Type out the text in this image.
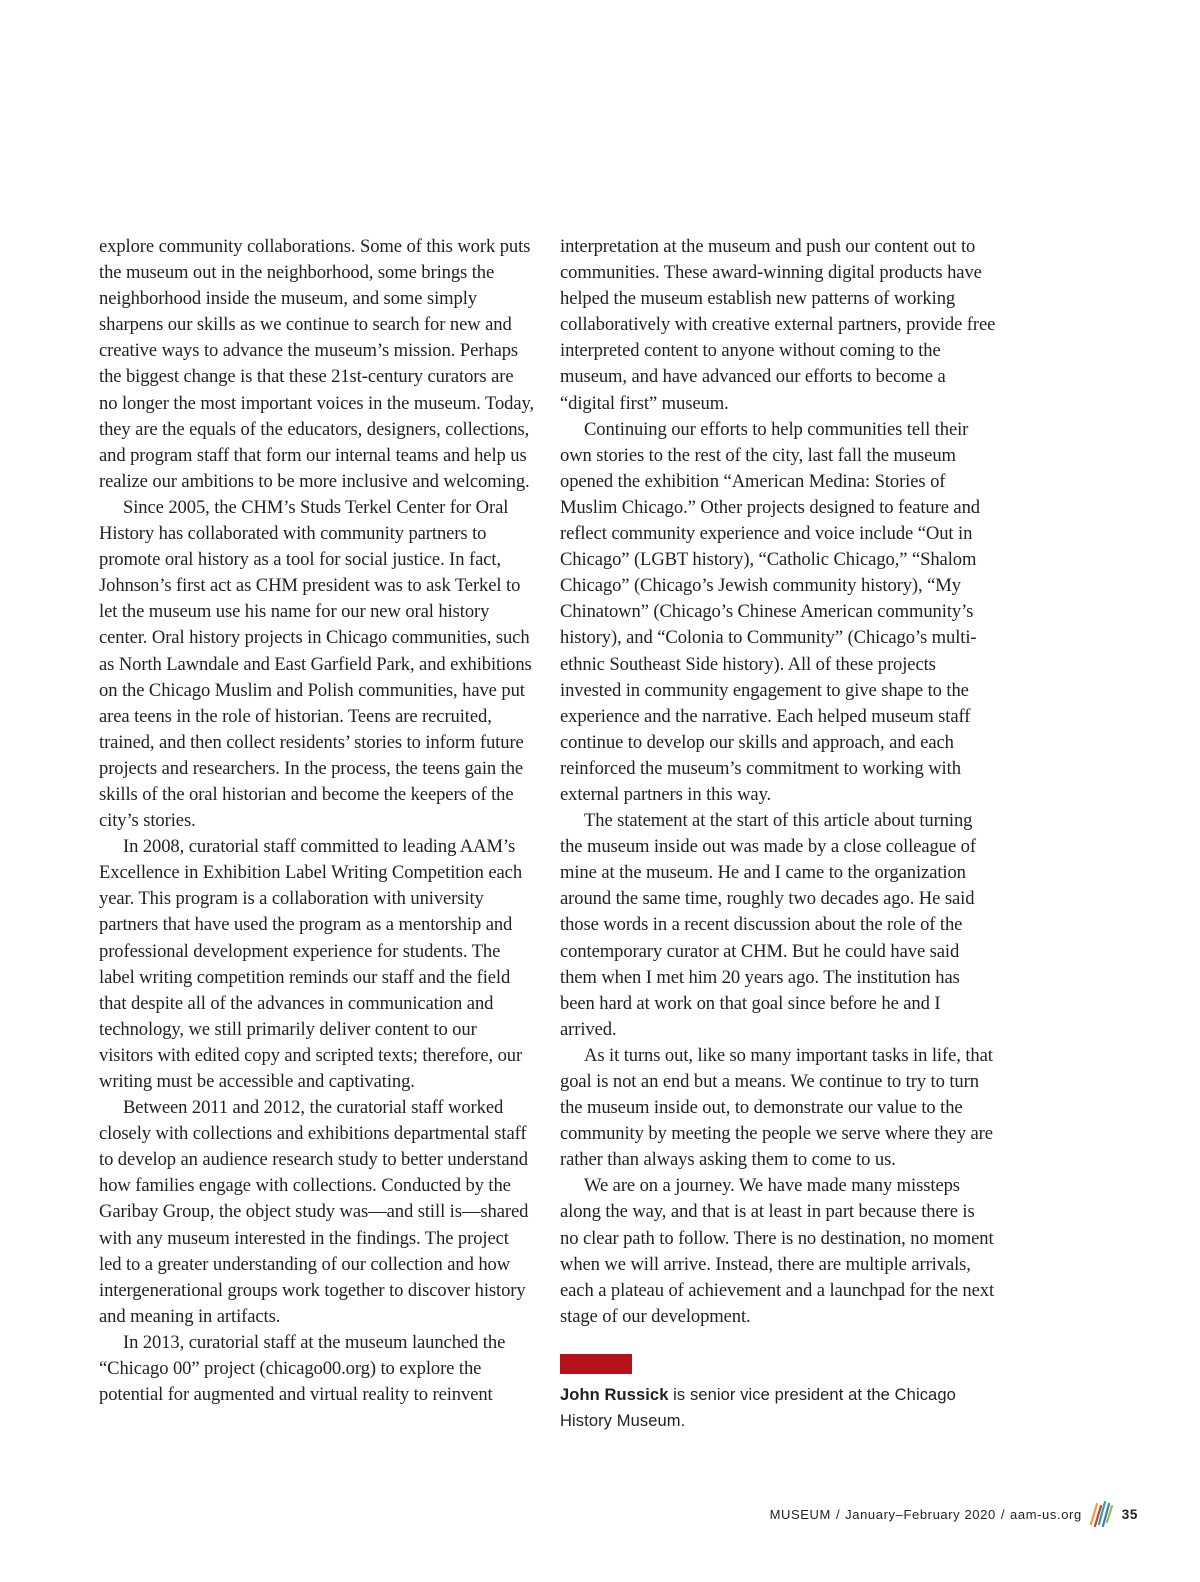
explore community collaborations. Some of this work puts the museum out in the neighborhood, some brings the neighborhood inside the museum, and some simply sharpens our skills as we continue to search for new and creative ways to advance the museum’s mission. Perhaps the biggest change is that these 21st-century curators are no longer the most important voices in the museum. Today, they are the equals of the educators, designers, collections, and program staff that form our internal teams and help us realize our ambitions to be more inclusive and welcoming.

Since 2005, the CHM’s Studs Terkel Center for Oral History has collaborated with community partners to promote oral history as a tool for social justice. In fact, Johnson’s first act as CHM president was to ask Terkel to let the museum use his name for our new oral history center. Oral history projects in Chicago communities, such as North Lawndale and East Garfield Park, and exhibitions on the Chicago Muslim and Polish communities, have put area teens in the role of historian. Teens are recruited, trained, and then collect residents’ stories to inform future projects and researchers. In the process, the teens gain the skills of the oral historian and become the keepers of the city’s stories.

In 2008, curatorial staff committed to leading AAM’s Excellence in Exhibition Label Writing Competition each year. This program is a collaboration with university partners that have used the program as a mentorship and professional development experience for students. The label writing competition reminds our staff and the field that despite all of the advances in communication and technology, we still primarily deliver content to our visitors with edited copy and scripted texts; therefore, our writing must be accessible and captivating.

Between 2011 and 2012, the curatorial staff worked closely with collections and exhibitions departmental staff to develop an audience research study to better understand how families engage with collections. Conducted by the Garibay Group, the object study was—and still is—shared with any museum interested in the findings. The project led to a greater understanding of our collection and how intergenerational groups work together to discover history and meaning in artifacts.

In 2013, curatorial staff at the museum launched the “Chicago 00” project (chicago00.org) to explore the potential for augmented and virtual reality to reinvent

interpretation at the museum and push our content out to communities. These award-winning digital products have helped the museum establish new patterns of working collaboratively with creative external partners, provide free interpreted content to anyone without coming to the museum, and have advanced our efforts to become a “digital first” museum.

Continuing our efforts to help communities tell their own stories to the rest of the city, last fall the museum opened the exhibition “American Medina: Stories of Muslim Chicago.” Other projects designed to feature and reflect community experience and voice include “Out in Chicago” (LGBT history), “Catholic Chicago,” “Shalom Chicago” (Chicago’s Jewish community history), “My Chinatown” (Chicago’s Chinese American community’s history), and “Colonia to Community” (Chicago’s multi-ethnic Southeast Side history). All of these projects invested in community engagement to give shape to the experience and the narrative. Each helped museum staff continue to develop our skills and approach, and each reinforced the museum’s commitment to working with external partners in this way.

The statement at the start of this article about turning the museum inside out was made by a close colleague of mine at the museum. He and I came to the organization around the same time, roughly two decades ago. He said those words in a recent discussion about the role of the contemporary curator at CHM. But he could have said them when I met him 20 years ago. The institution has been hard at work on that goal since before he and I arrived.

As it turns out, like so many important tasks in life, that goal is not an end but a means. We continue to try to turn the museum inside out, to demonstrate our value to the community by meeting the people we serve where they are rather than always asking them to come to us.

We are on a journey. We have made many missteps along the way, and that is at least in part because there is no clear path to follow. There is no destination, no moment when we will arrive. Instead, there are multiple arrivals, each a plateau of achievement and a launchpad for the next stage of our development.

John Russick is senior vice president at the Chicago History Museum.
MUSEUM / January–February 2020 / aam-us.org	35
